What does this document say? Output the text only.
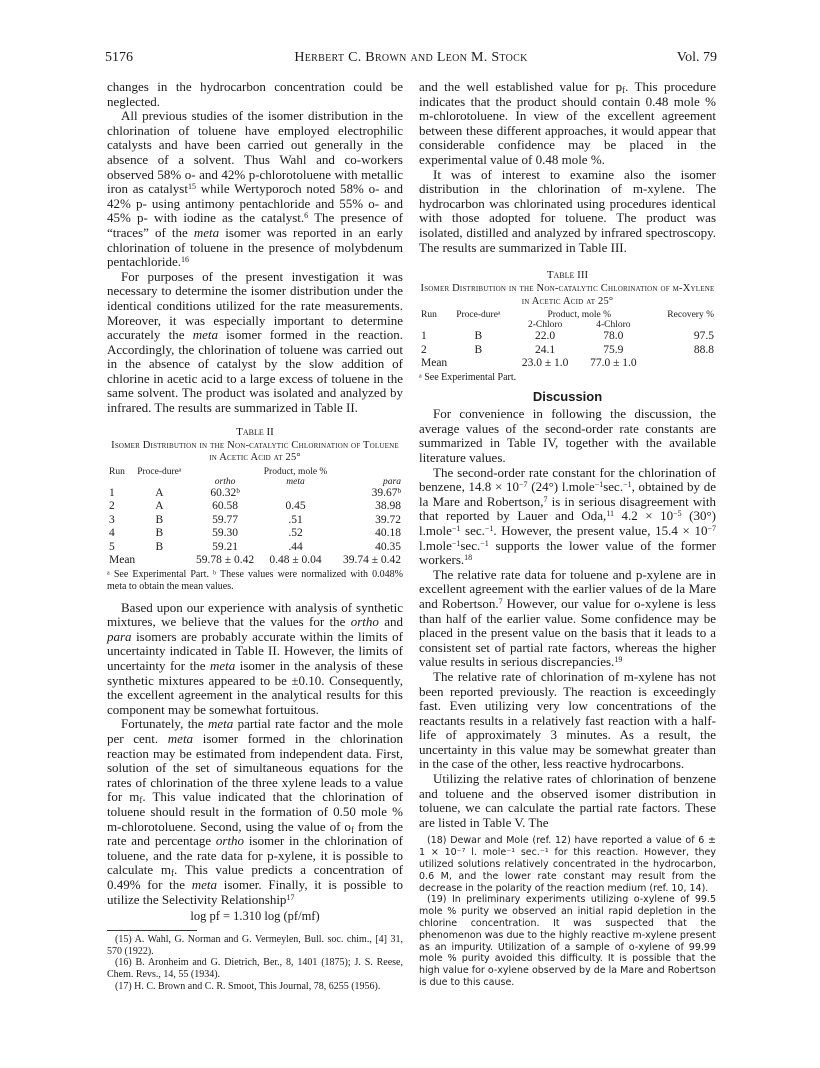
5176	Herbert C. Brown and Leon M. Stock	Vol. 79

changes in the hydrocarbon concentration could be neglected.

All previous studies of the isomer distribution in the chlorination of toluene have employed electrophilic catalysts and have been carried out generally in the absence of a solvent. Thus Wahl and co-workers observed 58% o- and 42% p-chlorotoluene with metallic iron as catalyst$^{15}$ while Wertyporoch noted 58% o- and 42% p- using antimony pentachloride and 55% o- and 45% p- with iodine as the catalyst.$^6$ The presence of “traces” of the meta isomer was reported in an early chlorination of toluene in the presence of molybdenum pentachloride.$^{16}$

For purposes of the present investigation it was necessary to determine the isomer distribution under the identical conditions utilized for the rate measurements. Moreover, it was especially important to determine accurately the meta isomer formed in the reaction. Accordingly, the chlorination of toluene was carried out in the absence of catalyst by the slow addition of chlorine in acetic acid to a large excess of toluene in the same solvent. The product was isolated and analyzed by infrared. The results are summarized in Table II.

Table II
Isomer Distribution in the Non-catalytic Chlorination of Toluene in Acetic Acid at 25°
Run	Proce-dureᵃ	Product, mole %		
		ortho	meta	para
1	A	60.32ᵇ		39.67ᵇ
2	A	60.58	0.45	38.98
3	B	59.77	.51	39.72
4	B	59.30	.52	40.18
5	B	59.21	.44	40.35
Mean		59.78 ± 0.42	0.48 ± 0.04	39.74 ± 0.42
ᵃ See Experimental Part. ᵇ These values were normalized with 0.048% meta to obtain the mean values.

Based upon our experience with analysis of synthetic mixtures, we believe that the values for the ortho and para isomers are probably accurate within the limits of uncertainty indicated in Table II. However, the limits of uncertainty for the meta isomer in the analysis of these synthetic mixtures appeared to be ±0.10. Consequently, the excellent agreement in the analytical results for this component may be somewhat fortuitous.

Fortunately, the meta partial rate factor and the mole per cent. meta isomer formed in the chlorination reaction may be estimated from independent data. First, solution of the set of simultaneous equations for the rates of chlorination of the three xylene leads to a value for $m_f$. This value indicated that the chlorination of toluene should result in the formation of 0.50 mole % m-chlorotoluene. Second, using the value of $o_f$ from the rate and percentage ortho isomer in the chlorination of toluene, and the rate data for p-xylene, it is possible to calculate $m_f$. This value predicts a concentration of 0.49% for the meta isomer. Finally, it is possible to utilize the Selectivity Relationship$^{17}$

log pf = 1.310 log (pf/mf)

(15) A. Wahl, G. Norman and G. Vermeylen, Bull. soc. chim., [4] 31, 570 (1922).

(16) B. Aronheim and G. Dietrich, Ber., 8, 1401 (1875); J. S. Reese, Chem. Revs., 14, 55 (1934).

(17) H. C. Brown and C. R. Smoot, This Journal, 78, 6255 (1956).

and the well established value for $p_f$. This procedure indicates that the product should contain 0.48 mole % m-chlorotoluene. In view of the excellent agreement between these different approaches, it would appear that considerable confidence may be placed in the experimental value of 0.48 mole %.

It was of interest to examine also the isomer distribution in the chlorination of m-xylene. The hydrocarbon was chlorinated using procedures identical with those adopted for toluene. The product was isolated, distilled and analyzed by infrared spectroscopy. The results are summarized in Table III.

Table III
Isomer Distribution in the Non-catalytic Chlorination of m-Xylene in Acetic Acid at 25°
Run	Proce-dureᵃ	Product, mole %		Recovery %
		2-Chloro	4-Chloro	
1	B	22.0	78.0	97.5
2	B	24.1	75.9	88.8
Mean		23.0 ± 1.0	77.0 ± 1.0	
ᵃ See Experimental Part.
Discussion

For convenience in following the discussion, the average values of the second-order rate constants are summarized in Table IV, together with the available literature values.

The second-order rate constant for the chlorination of benzene, $14.8 \times 10^{-7}$ (24°) l.mole$^{-1}$sec.$^{-1}$, obtained by de la Mare and Robertson,$^7$ is in serious disagreement with that reported by Lauer and Oda,$^{11}$ $4.2 \times 10^{-5}$ (30°) l.mole$^{-1}$ sec.$^{-1}$. However, the present value, $15.4 \times 10^{-7}$ l.mole$^{-1}$sec.$^{-1}$ supports the lower value of the former workers.$^{18}$

The relative rate data for toluene and p-xylene are in excellent agreement with the earlier values of de la Mare and Robertson.$^7$ However, our value for o-xylene is less than half of the earlier value. Some confidence may be placed in the present value on the basis that it leads to a consistent set of partial rate factors, whereas the higher value results in serious discrepancies.$^{19}$

The relative rate of chlorination of m-xylene has not been reported previously. The reaction is exceedingly fast. Even utilizing very low concentrations of the reactants results in a relatively fast reaction with a half-life of approximately 3 minutes. As a result, the uncertainty in this value may be somewhat greater than in the case of the other, less reactive hydrocarbons.

Utilizing the relative rates of chlorination of benzene and toluene and the observed isomer distribution in toluene, we can calculate the partial rate factors. These are listed in Table V. The

(18) Dewar and Mole (ref. 12) have reported a value of 6 ± 1 × 10⁻⁷ l. mole⁻¹ sec.⁻¹ for this reaction. However, they utilized solutions relatively concentrated in the hydrocarbon, 0.6 M, and the lower rate constant may result from the decrease in the polarity of the reaction medium (ref. 10, 14).

(19) In preliminary experiments utilizing o-xylene of 99.5 mole % purity we observed an initial rapid depletion in the chlorine concentration. It was suspected that the phenomenon was due to the highly reactive m-xylene present as an impurity. Utilization of a sample of o-xylene of 99.99 mole % purity avoided this difficulty. It is possible that the high value for o-xylene observed by de la Mare and Robertson is due to this cause.
